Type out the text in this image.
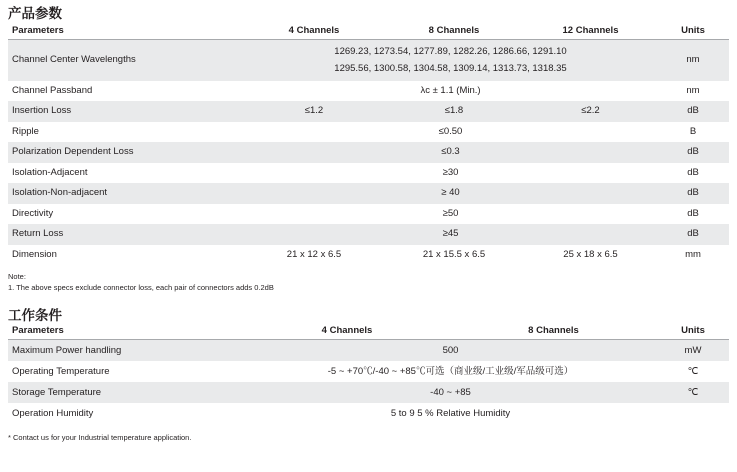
产品参数
Parameters	4 Channels	8 Channels	12 Channels	Units
Channel Center Wavelengths	1269.23, 1273.54, 1277.89, 1282.26, 1286.66, 1291.10
1295.56, 1300.58, 1304.58, 1309.14, 1313.73, 1318.35			nm
Channel Passband	λc ± 1.1 (Min.)			nm
Insertion Loss	≤1.2	≤1.8	≤2.2	dB
Ripple	≤0.50			B
Polarization Dependent Loss	≤0.3			dB
Isolation-Adjacent	≥30			dB
Isolation-Non-adjacent	≥ 40			dB
Directivity	≥50			dB
Return Loss	≥45			dB
Dimension	21 x 12 x 6.5	21 x 15.5 x 6.5	25 x 18 x 6.5	mm
Note:
1. The above specs exclude connector loss, each pair of connectors adds 0.2dB
工作条件
Parameters	4 Channels	8 Channels	Units
Maximum Power handling	500		mW
Operating Temperature	-5 ~ +70℃/-40 ~ +85℃可选（商业级/工业级/军品级可选）		℃
Storage Temperature	-40 ~ +85		℃
Operation Humidity	5 to 9 5 % Relative Humidity		
* Contact us for your Industrial temperature application.
